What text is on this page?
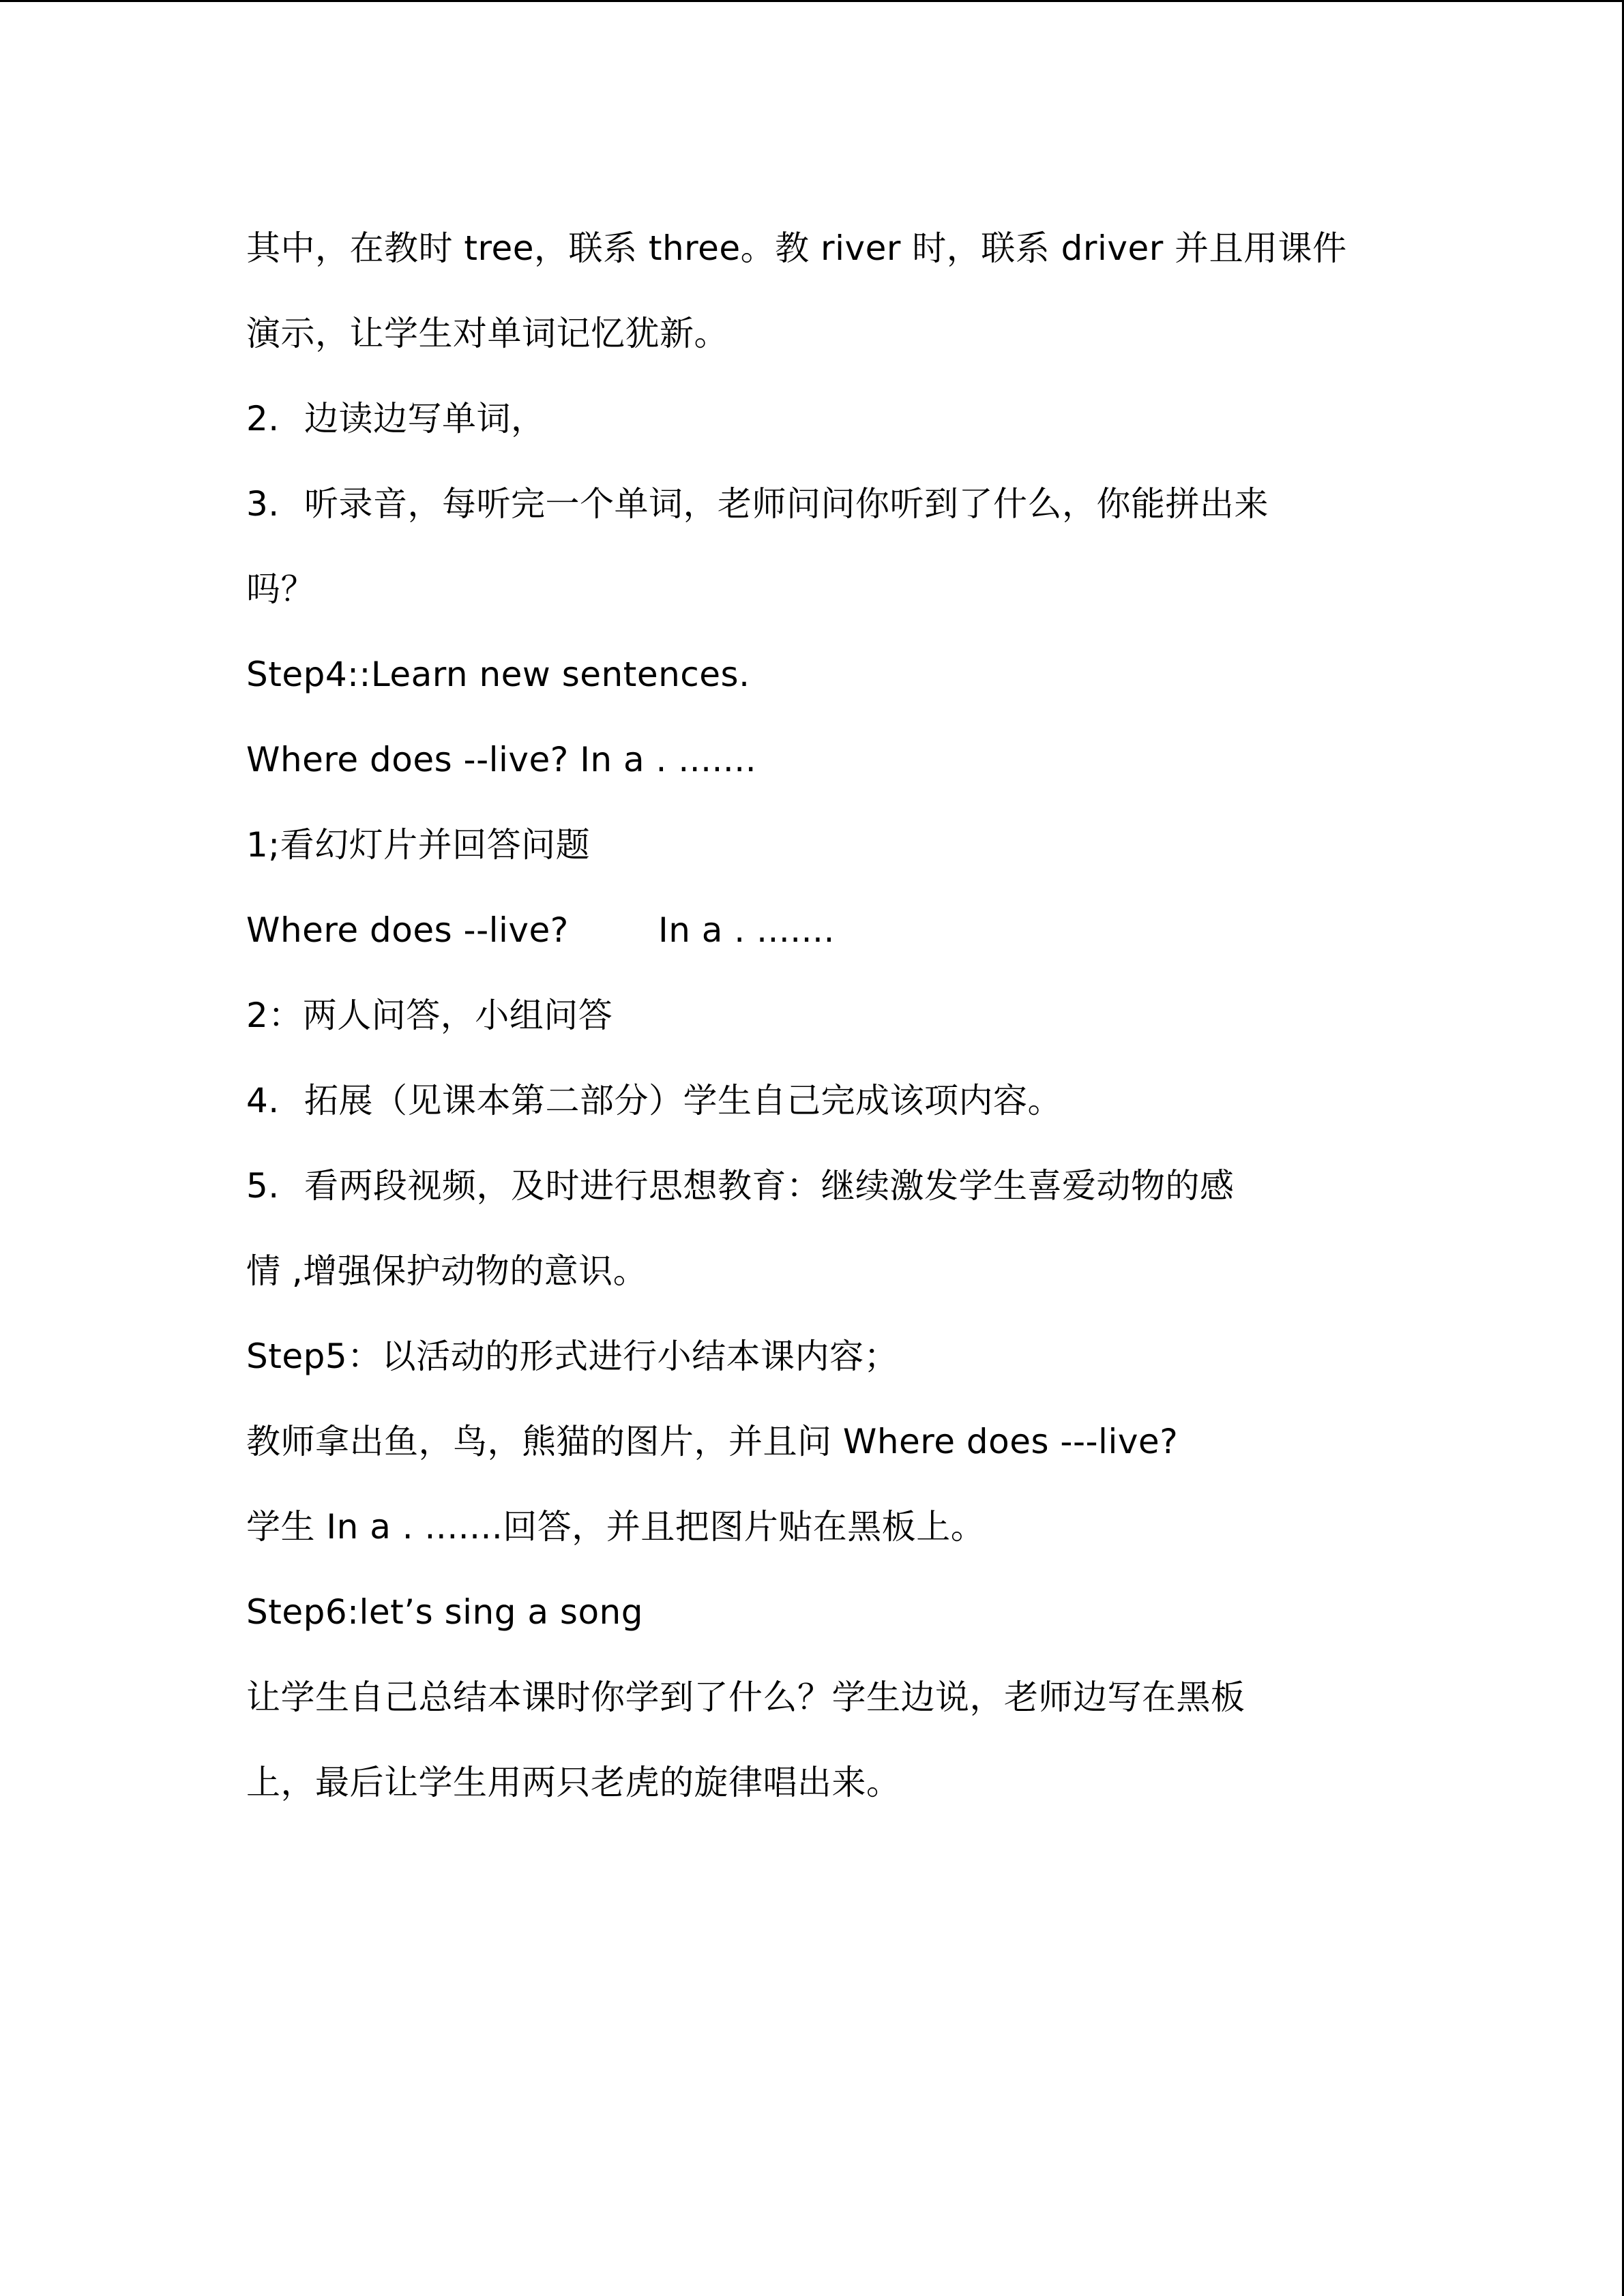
其中，在教时 tree，联系 three。教 river 时，联系 driver 并且用课件
演示，让学生对单词记忆犹新。
2. 边读边写单词，
3. 听录音，每听完一个单词，老师问问你听到了什么，你能拼出来
吗？
Step4::Learn new sentences.
Where does --live? In a . .......
1;看幻灯片并回答问题
Where does --live?        In a . .......
2：两人问答，小组问答
4. 拓展（见课本第二部分）学生自己完成该项内容。
5. 看两段视频，及时进行思想教育：继续激发学生喜爱动物的感
情 ,增强保护动物的意识。
Step5：以活动的形式进行小结本课内容；
教师拿出鱼，鸟，熊猫的图片，并且问 Where does ---live?
学生 In a . .......回答，并且把图片贴在黑板上。
Step6:let’s sing a song
让学生自己总结本课时你学到了什么？学生边说，老师边写在黑板
上，最后让学生用两只老虎的旋律唱出来。
